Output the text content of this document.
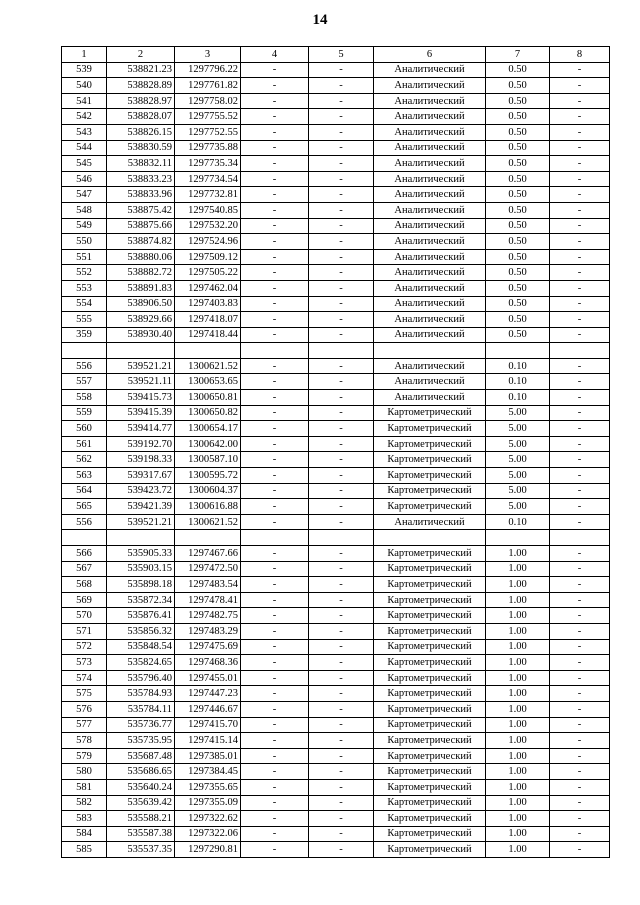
14
1	2	3	4	5	6	7	8
539	538821.23	1297796.22	-	-	Аналитический	0.50	-
540	538828.89	1297761.82	-	-	Аналитический	0.50	-
541	538828.97	1297758.02	-	-	Аналитический	0.50	-
542	538828.07	1297755.52	-	-	Аналитический	0.50	-
543	538826.15	1297752.55	-	-	Аналитический	0.50	-
544	538830.59	1297735.88	-	-	Аналитический	0.50	-
545	538832.11	1297735.34	-	-	Аналитический	0.50	-
546	538833.23	1297734.54	-	-	Аналитический	0.50	-
547	538833.96	1297732.81	-	-	Аналитический	0.50	-
548	538875.42	1297540.85	-	-	Аналитический	0.50	-
549	538875.66	1297532.20	-	-	Аналитический	0.50	-
550	538874.82	1297524.96	-	-	Аналитический	0.50	-
551	538880.06	1297509.12	-	-	Аналитический	0.50	-
552	538882.72	1297505.22	-	-	Аналитический	0.50	-
553	538891.83	1297462.04	-	-	Аналитический	0.50	-
554	538906.50	1297403.83	-	-	Аналитический	0.50	-
555	538929.66	1297418.07	-	-	Аналитический	0.50	-
359	538930.40	1297418.44	-	-	Аналитический	0.50	-

556	539521.21	1300621.52	-	-	Аналитический	0.10	-
557	539521.11	1300653.65	-	-	Аналитический	0.10	-
558	539415.73	1300650.81	-	-	Аналитический	0.10	-
559	539415.39	1300650.82	-	-	Картометрический	5.00	-
560	539414.77	1300654.17	-	-	Картометрический	5.00	-
561	539192.70	1300642.00	-	-	Картометрический	5.00	-
562	539198.33	1300587.10	-	-	Картометрический	5.00	-
563	539317.67	1300595.72	-	-	Картометрический	5.00	-
564	539423.72	1300604.37	-	-	Картометрический	5.00	-
565	539421.39	1300616.88	-	-	Картометрический	5.00	-
556	539521.21	1300621.52	-	-	Аналитический	0.10	-

566	535905.33	1297467.66	-	-	Картометрический	1.00	-
567	535903.15	1297472.50	-	-	Картометрический	1.00	-
568	535898.18	1297483.54	-	-	Картометрический	1.00	-
569	535872.34	1297478.41	-	-	Картометрический	1.00	-
570	535876.41	1297482.75	-	-	Картометрический	1.00	-
571	535856.32	1297483.29	-	-	Картометрический	1.00	-
572	535848.54	1297475.69	-	-	Картометрический	1.00	-
573	535824.65	1297468.36	-	-	Картометрический	1.00	-
574	535796.40	1297455.01	-	-	Картометрический	1.00	-
575	535784.93	1297447.23	-	-	Картометрический	1.00	-
576	535784.11	1297446.67	-	-	Картометрический	1.00	-
577	535736.77	1297415.70	-	-	Картометрический	1.00	-
578	535735.95	1297415.14	-	-	Картометрический	1.00	-
579	535687.48	1297385.01	-	-	Картометрический	1.00	-
580	535686.65	1297384.45	-	-	Картометрический	1.00	-
581	535640.24	1297355.65	-	-	Картометрический	1.00	-
582	535639.42	1297355.09	-	-	Картометрический	1.00	-
583	535588.21	1297322.62	-	-	Картометрический	1.00	-
584	535587.38	1297322.06	-	-	Картометрический	1.00	-
585	535537.35	1297290.81	-	-	Картометрический	1.00	-
